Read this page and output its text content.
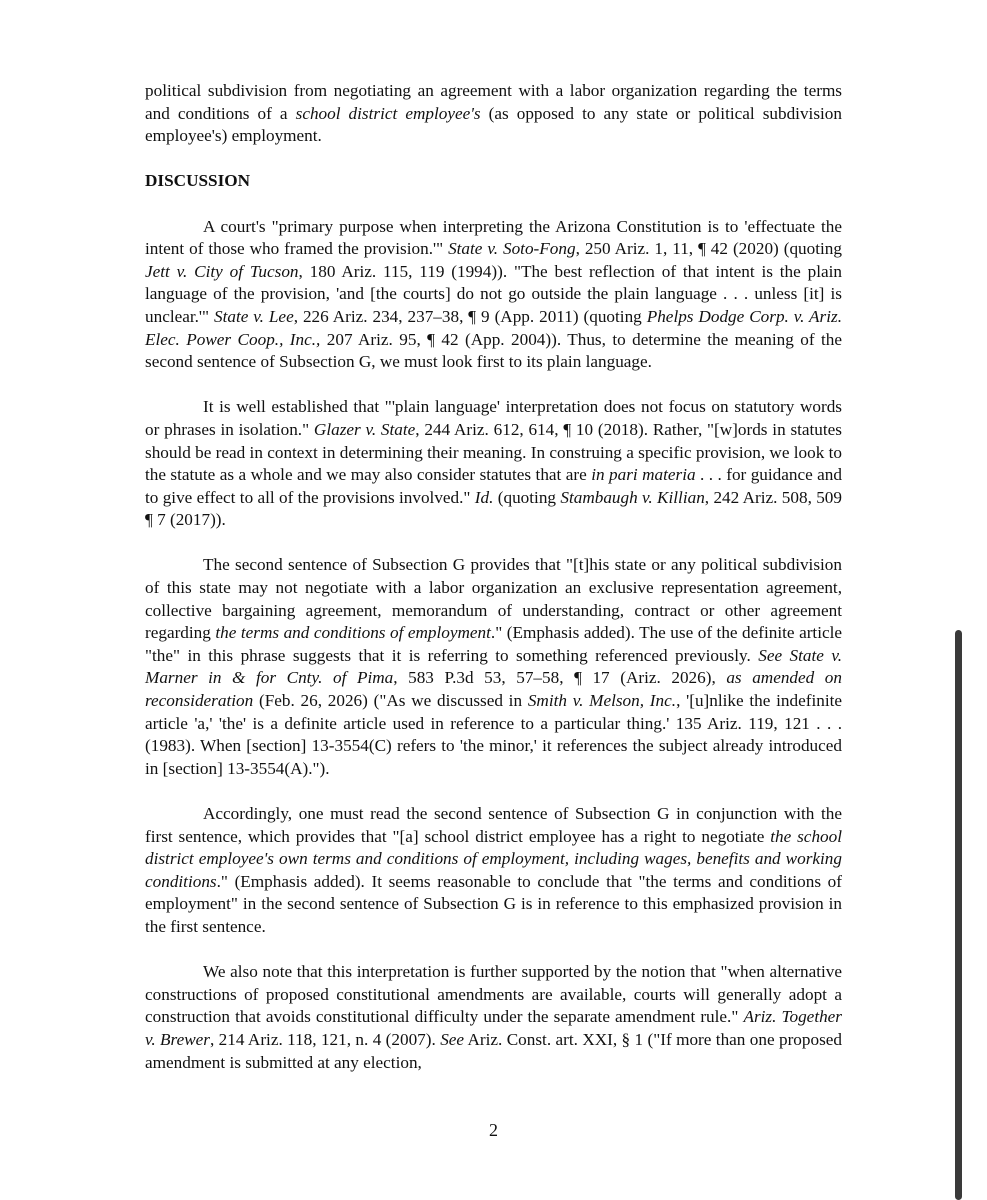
political subdivision from negotiating an agreement with a labor organization regarding the terms and conditions of a school district employee's (as opposed to any state or political subdivision employee's) employment.

DISCUSSION

A court's "primary purpose when interpreting the Arizona Constitution is to 'effectuate the intent of those who framed the provision.'" State v. Soto-Fong, 250 Ariz. 1, 11, ¶ 42 (2020) (quoting Jett v. City of Tucson, 180 Ariz. 115, 119 (1994)). "The best reflection of that intent is the plain language of the provision, 'and [the courts] do not go outside the plain language . . . unless [it] is unclear.'" State v. Lee, 226 Ariz. 234, 237–38, ¶ 9 (App. 2011) (quoting Phelps Dodge Corp. v. Ariz. Elec. Power Coop., Inc., 207 Ariz. 95, ¶ 42 (App. 2004)). Thus, to determine the meaning of the second sentence of Subsection G, we must look first to its plain language.

It is well established that "'plain language' interpretation does not focus on statutory words or phrases in isolation." Glazer v. State, 244 Ariz. 612, 614, ¶ 10 (2018). Rather, "[w]ords in statutes should be read in context in determining their meaning. In construing a specific provision, we look to the statute as a whole and we may also consider statutes that are in pari materia . . . for guidance and to give effect to all of the provisions involved." Id. (quoting Stambaugh v. Killian, 242 Ariz. 508, 509 ¶ 7 (2017)).

The second sentence of Subsection G provides that "[t]his state or any political subdivision of this state may not negotiate with a labor organization an exclusive representation agreement, collective bargaining agreement, memorandum of understanding, contract or other agreement regarding the terms and conditions of employment." (Emphasis added). The use of the definite article "the" in this phrase suggests that it is referring to something referenced previously. See State v. Marner in & for Cnty. of Pima, 583 P.3d 53, 57–58, ¶ 17 (Ariz. 2026), as amended on reconsideration (Feb. 26, 2026) ("As we discussed in Smith v. Melson, Inc., '[u]nlike the indefinite article 'a,' 'the' is a definite article used in reference to a particular thing.' 135 Ariz. 119, 121 . . . (1983). When [section] 13-3554(C) refers to 'the minor,' it references the subject already introduced in [section] 13-3554(A).").

Accordingly, one must read the second sentence of Subsection G in conjunction with the first sentence, which provides that "[a] school district employee has a right to negotiate the school district employee's own terms and conditions of employment, including wages, benefits and working conditions." (Emphasis added). It seems reasonable to conclude that "the terms and conditions of employment" in the second sentence of Subsection G is in reference to this emphasized provision in the first sentence.

We also note that this interpretation is further supported by the notion that "when alternative constructions of proposed constitutional amendments are available, courts will generally adopt a construction that avoids constitutional difficulty under the separate amendment rule." Ariz. Together v. Brewer, 214 Ariz. 118, 121, n. 4 (2007). See Ariz. Const. art. XXI, § 1 ("If more than one proposed amendment is submitted at any election,

2
